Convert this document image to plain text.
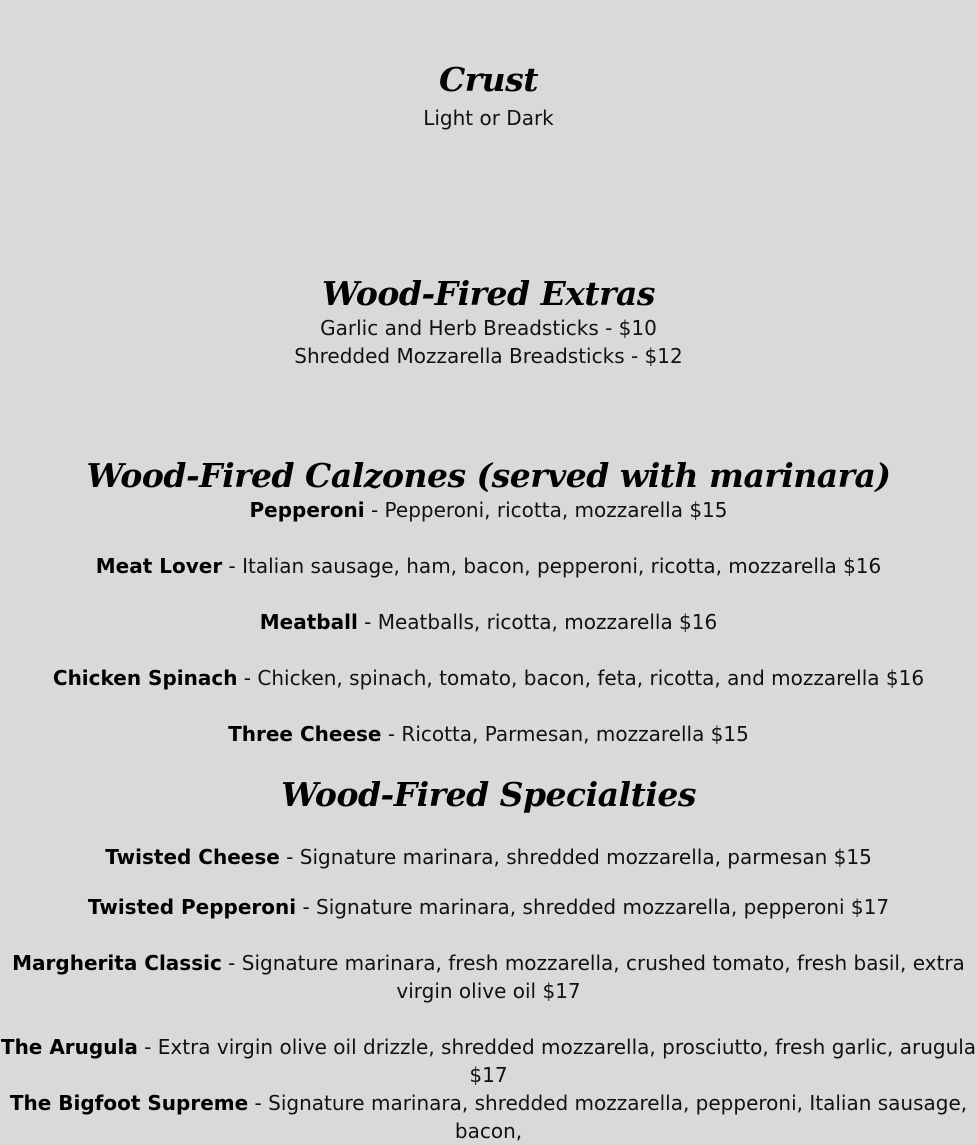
Crust

Light or Dark

Wood-Fired Extras

Garlic and Herb Breadsticks - $10

Shredded Mozzarella Breadsticks - $12

Wood-Fired Calzones (served with marinara)

Pepperoni - Pepperoni, ricotta, mozzarella $15

Meat Lover - Italian sausage, ham, bacon, pepperoni, ricotta, mozzarella $16

Meatball - Meatballs, ricotta, mozzarella $16

Chicken Spinach - Chicken, spinach, tomato, bacon, feta, ricotta, and mozzarella $16

Three Cheese - Ricotta, Parmesan, mozzarella $15

Wood-Fired Specialties

Twisted Cheese - Signature marinara, shredded mozzarella, parmesan $15

Twisted Pepperoni - Signature marinara, shredded mozzarella, pepperoni $17

Margherita Classic - Signature marinara, fresh mozzarella, crushed tomato, fresh basil, extra virgin olive oil $17

The Arugula - Extra virgin olive oil drizzle, shredded mozzarella, prosciutto, fresh garlic, arugula $17

The Bigfoot Supreme - Signature marinara, shredded mozzarella, pepperoni, Italian sausage, bacon,
